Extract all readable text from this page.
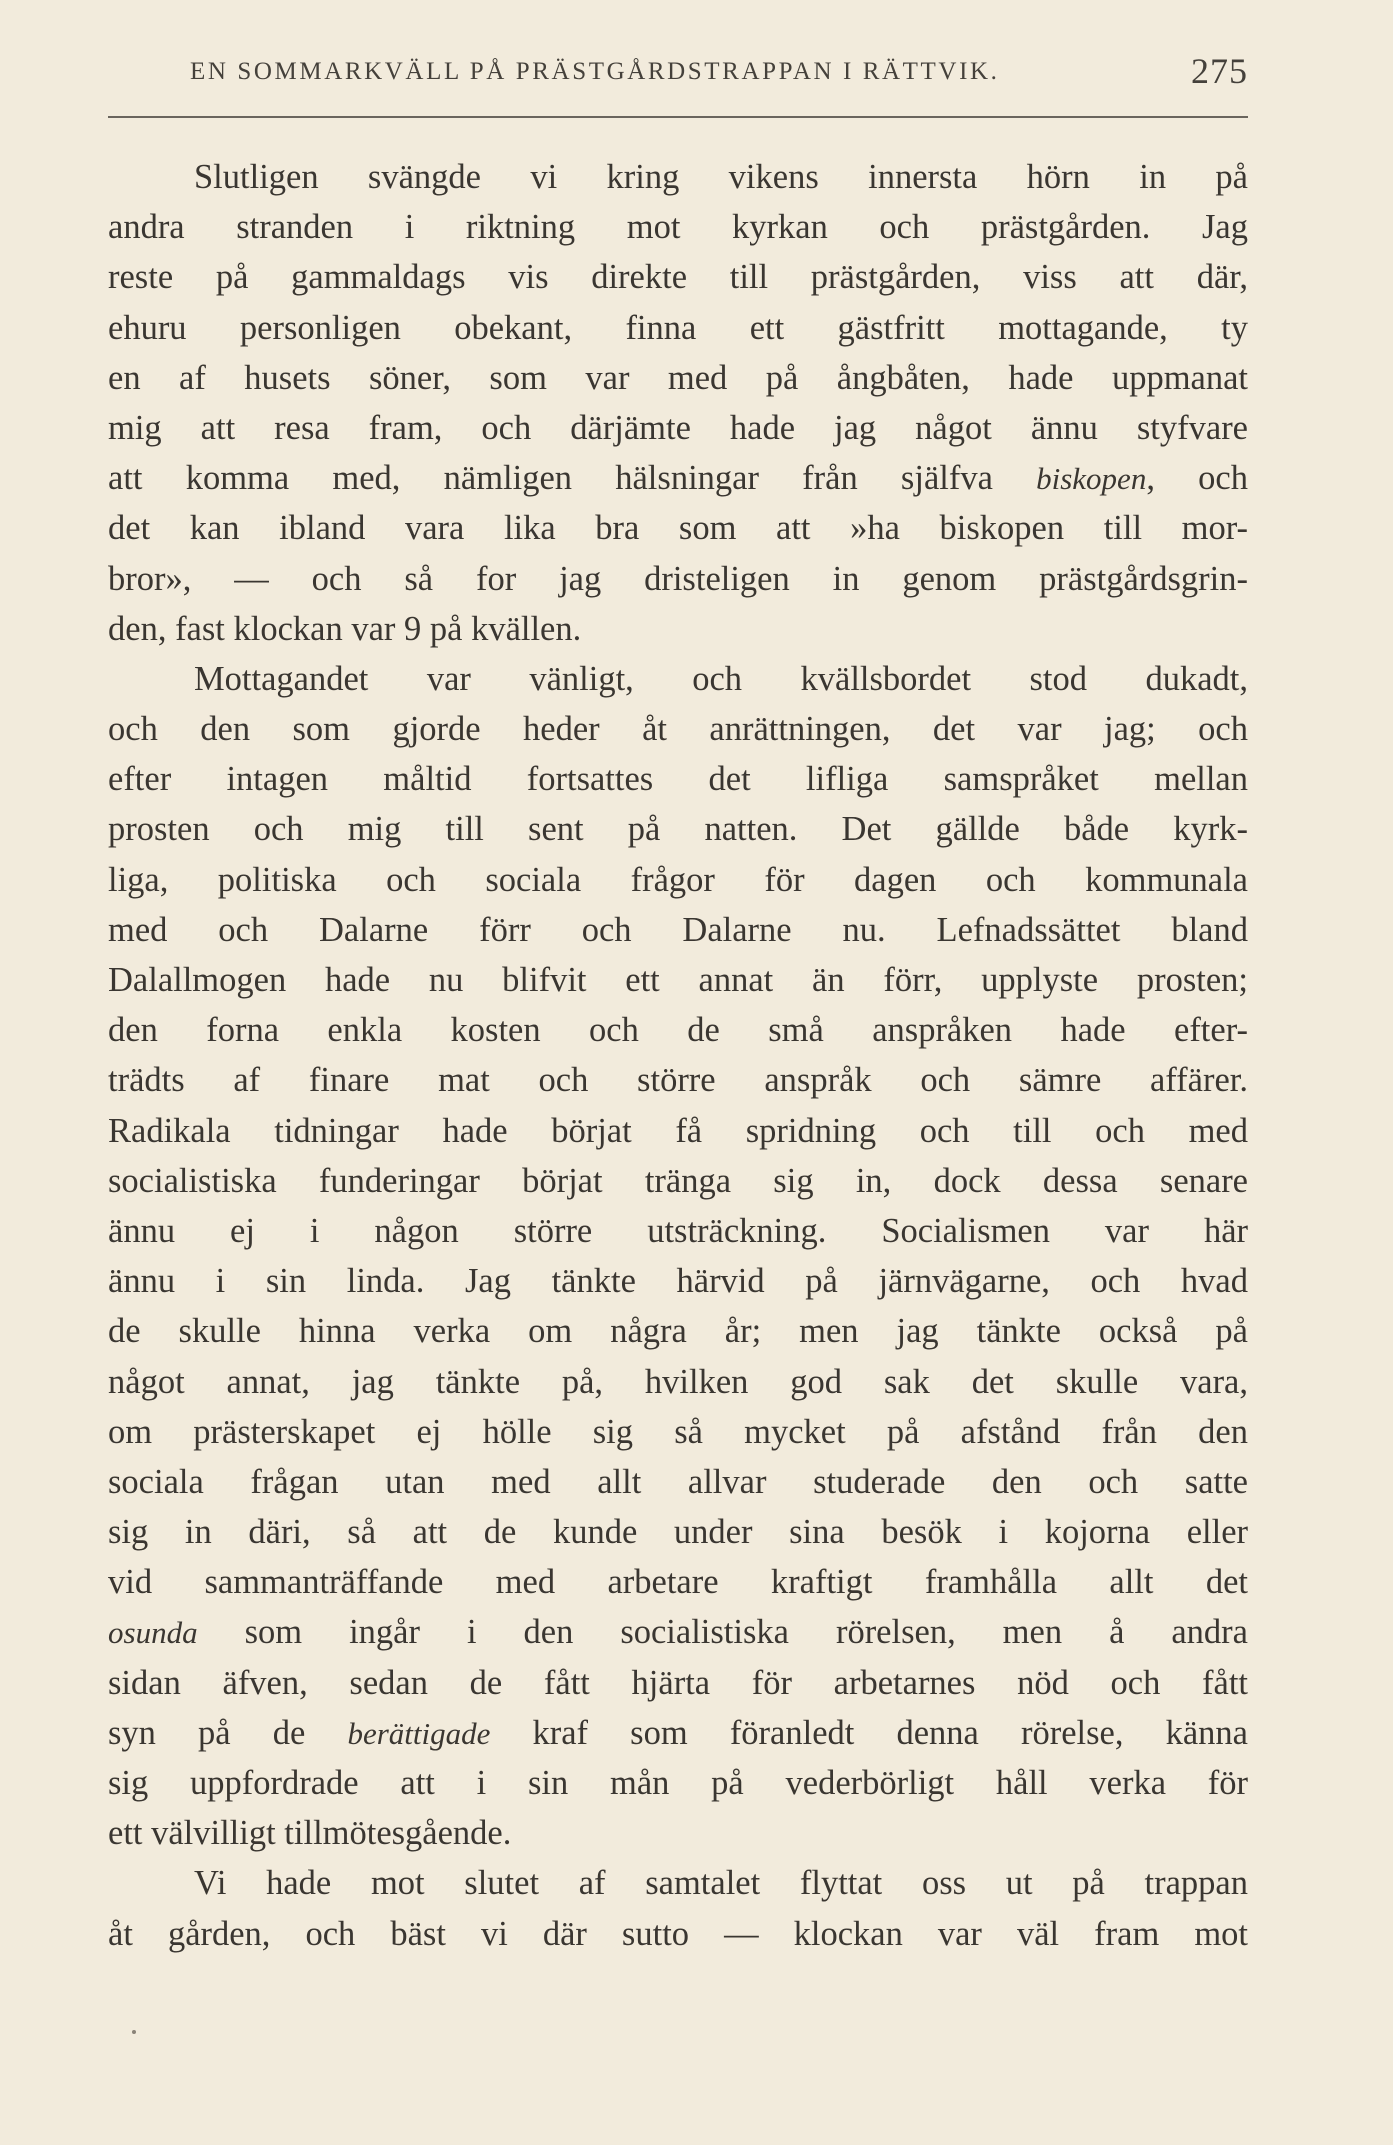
EN SOMMARKVÄLL PÅ PRÄSTGÅRDSTRAPPAN I RÄTTVIK.	275
Slutligen svängde vi kring vikens innersta hörn in på
andra stranden i riktning mot kyrkan och prästgården. Jag
reste på gammaldags vis direkte till prästgården, viss att där,
ehuru personligen obekant, finna ett gästfritt mottagande, ty
en af husets söner, som var med på ångbåten, hade uppmanat
mig att resa fram, och därjämte hade jag något ännu styfvare
att komma med, nämligen hälsningar från själfva biskopen, och
det kan ibland vara lika bra som att »ha biskopen till mor-
bror», — och så for jag dristeligen in genom prästgårdsgrin-
den, fast klockan var 9 på kvällen.
Mottagandet var vänligt, och kvällsbordet stod dukadt,
och den som gjorde heder åt anrättningen, det var jag; och
efter intagen måltid fortsattes det lifliga samspråket mellan
prosten och mig till sent på natten. Det gällde både kyrk-
liga, politiska och sociala frågor för dagen och kommunala
med och Dalarne förr och Dalarne nu. Lefnadssättet bland
Dalallmogen hade nu blifvit ett annat än förr, upplyste prosten;
den forna enkla kosten och de små anspråken hade efter-
trädts af finare mat och större anspråk och sämre affärer.
Radikala tidningar hade börjat få spridning och till och med
socialistiska funderingar börjat tränga sig in, dock dessa senare
ännu ej i någon större utsträckning. Socialismen var här
ännu i sin linda. Jag tänkte härvid på järnvägarne, och hvad
de skulle hinna verka om några år; men jag tänkte också på
något annat, jag tänkte på, hvilken god sak det skulle vara,
om prästerskapet ej hölle sig så mycket på afstånd från den
sociala frågan utan med allt allvar studerade den och satte
sig in däri, så att de kunde under sina besök i kojorna eller
vid sammanträffande med arbetare kraftigt framhålla allt det
osunda som ingår i den socialistiska rörelsen, men å andra
sidan äfven, sedan de fått hjärta för arbetarnes nöd och fått
syn på de berättigade kraf som föranledt denna rörelse, känna
sig uppfordrade att i sin mån på vederbörligt håll verka för
ett välvilligt tillmötesgående.
Vi hade mot slutet af samtalet flyttat oss ut på trappan
åt gården, och bäst vi där sutto — klockan var väl fram mot
